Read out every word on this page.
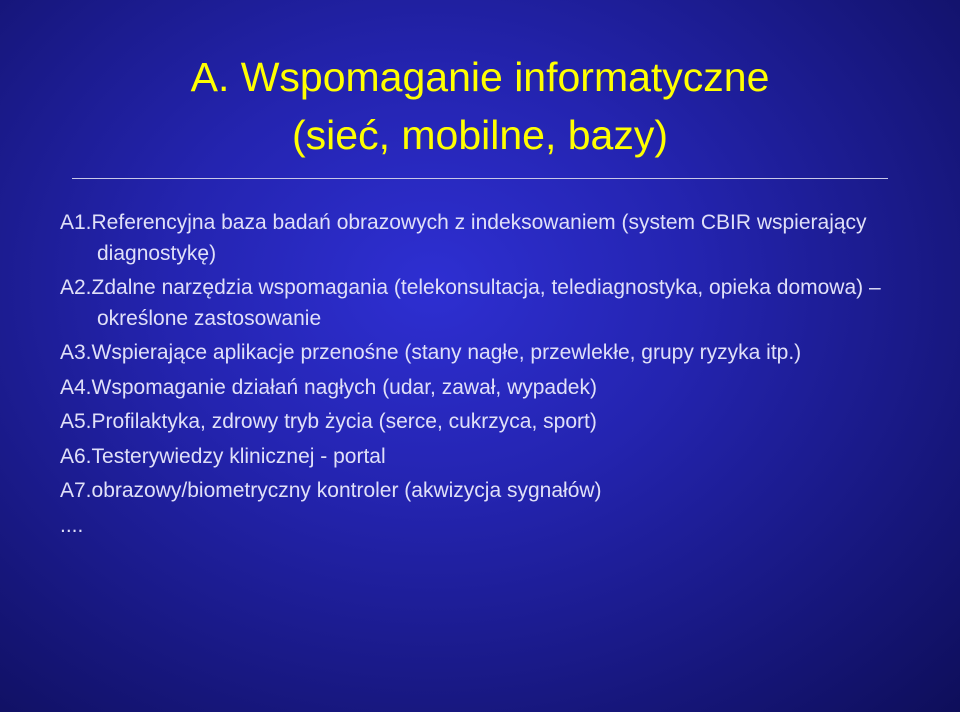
A. Wspomaganie informatyczne
(sieć, mobilne, bazy)
A1.Referencyjna baza badań obrazowych z indeksowaniem (system CBIR wspierający diagnostykę)
A2.Zdalne narzędzia wspomagania (telekonsultacja, telediagnostyka, opieka domowa) – określone zastosowanie
A3.Wspierające aplikacje przenośne (stany nagłe, przewlekłe, grupy ryzyka itp.)
A4.Wspomaganie działań nagłych (udar, zawał, wypadek)
A5.Profilaktyka, zdrowy tryb życia (serce, cukrzyca, sport)
A6.Testerywiedzy klinicznej - portal
A7.obrazowy/biometryczny kontroler (akwizycja sygnałów)
....
